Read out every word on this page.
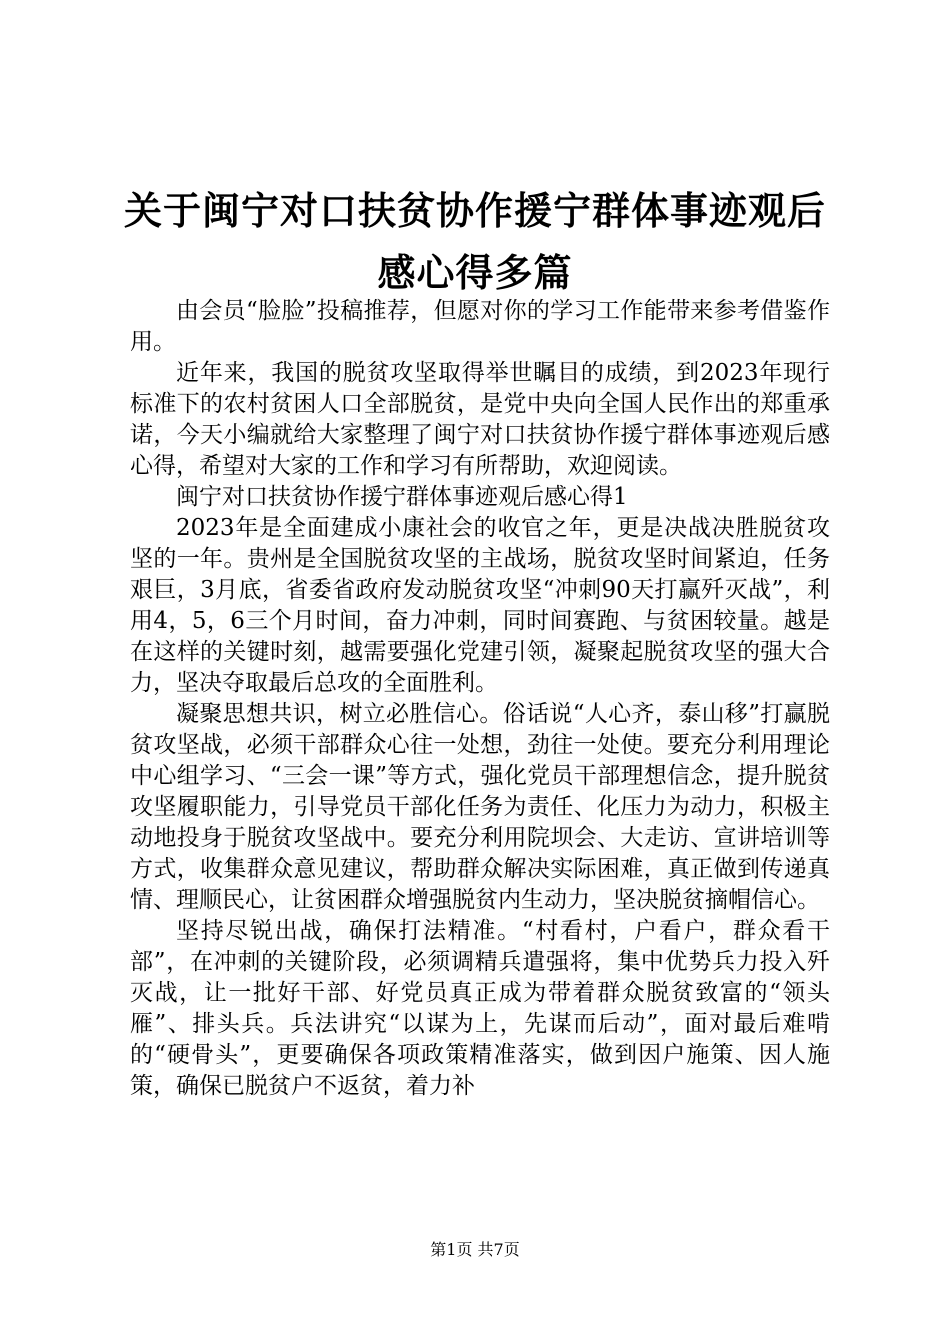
关于闽宁对口扶贫协作援宁群体事迹观后感心得多篇

由会员“脸脸”投稿推荐，但愿对你的学习工作能带来参考借鉴作用。

近年来，我国的脱贫攻坚取得举世瞩目的成绩，到2023年现行标准下的农村贫困人口全部脱贫，是党中央向全国人民作出的郑重承诺，今天小编就给大家整理了闽宁对口扶贫协作援宁群体事迹观后感心得，希望对大家的工作和学习有所帮助，欢迎阅读。

闽宁对口扶贫协作援宁群体事迹观后感心得1

2023年是全面建成小康社会的收官之年，更是决战决胜脱贫攻坚的一年。贵州是全国脱贫攻坚的主战场，脱贫攻坚时间紧迫，任务艰巨，3月底，省委省政府发动脱贫攻坚“冲刺90天打赢歼灭战”，利用4，5，6三个月时间，奋力冲刺，同时间赛跑、与贫困较量。越是在这样的关键时刻，越需要强化党建引领，凝聚起脱贫攻坚的强大合力，坚决夺取最后总攻的全面胜利。

凝聚思想共识，树立必胜信心。俗话说“人心齐，泰山移”打赢脱贫攻坚战，必须干部群众心往一处想，劲往一处使。要充分利用理论中心组学习、“三会一课”等方式，强化党员干部理想信念，提升脱贫攻坚履职能力，引导党员干部化任务为责任、化压力为动力，积极主动地投身于脱贫攻坚战中。要充分利用院坝会、大走访、宣讲培训等方式，收集群众意见建议，帮助群众解决实际困难，真正做到传递真情、理顺民心，让贫困群众增强脱贫内生动力，坚决脱贫摘帽信心。

坚持尽锐出战，确保打法精准。“村看村，户看户，群众看干部”，在冲刺的关键阶段，必须调精兵遣强将，集中优势兵力投入歼灭战，让一批好干部、好党员真正成为带着群众脱贫致富的“领头雁”、排头兵。兵法讲究“以谋为上，先谋而后动”，面对最后难啃的“硬骨头”，更要确保各项政策精准落实，做到因户施策、因人施策，确保已脱贫户不返贫，着力补

第1页 共7页
